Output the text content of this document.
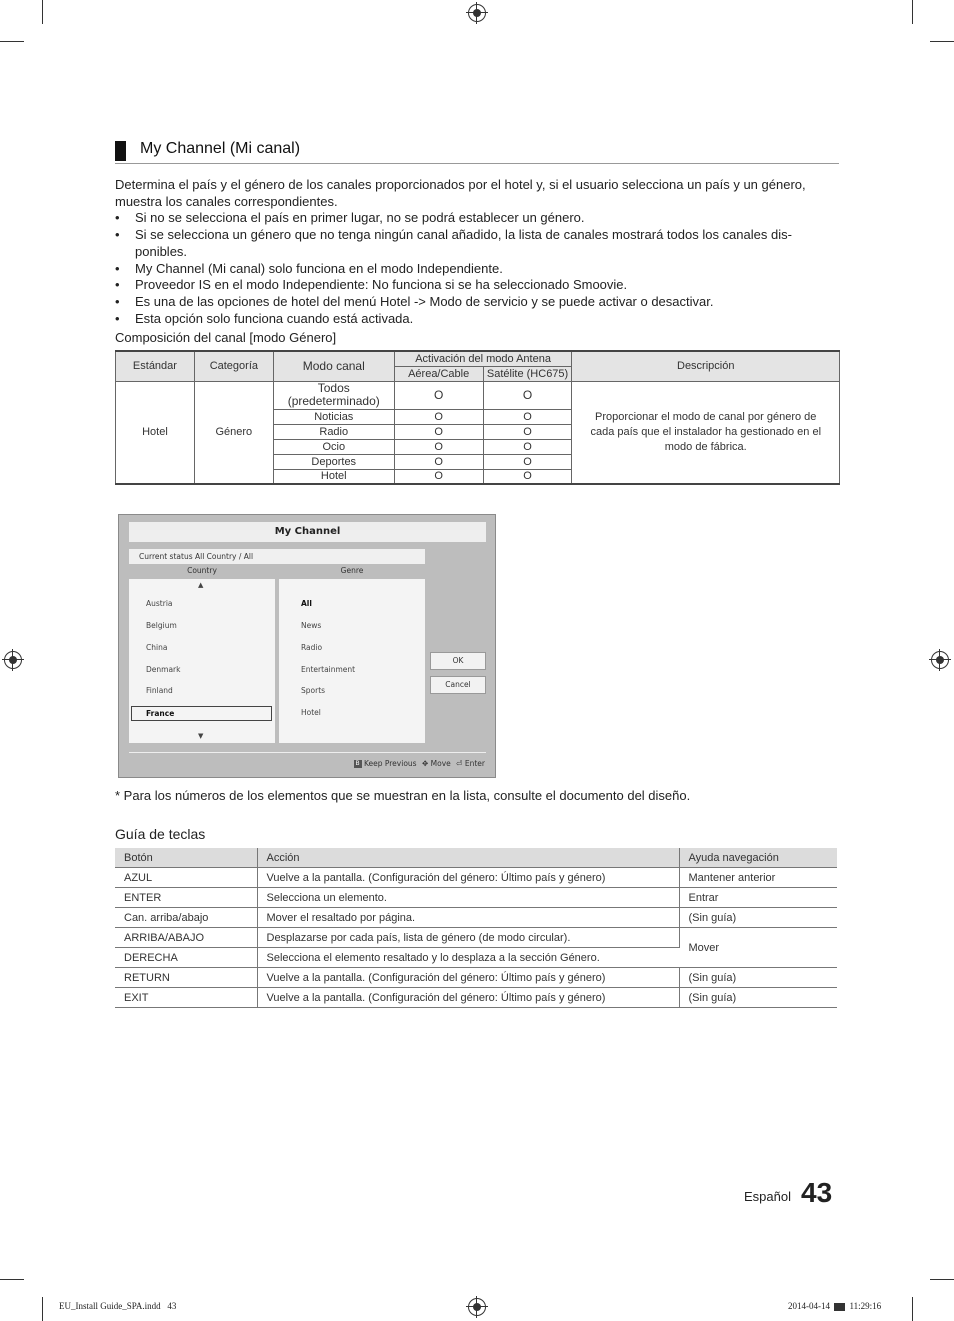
My Channel (Mi canal)
Determina el país y el género de los canales proporcionados por el hotel y, si el usuario selecciona un país y un género, muestra los canales correspondientes.
• Si no se selecciona el país en primer lugar, no se podrá establecer un género.
• Si se selecciona un género que no tenga ningún canal añadido, la lista de canales mostrará todos los canales dis-ponibles.
• My Channel (Mi canal) solo funciona en el modo Independiente.
• Proveedor IS en el modo Independiente: No funciona si se ha seleccionado Smoovie.
• Es una de las opciones de hotel del menú Hotel -> Modo de servicio y se puede activar o desactivar.
• Esta opción solo funciona cuando está activada.
Composición del canal [modo Género]
Estándar	Categoría	Modo canal	Activación del modo Antena		Descripción
			Aérea/Cable	Satélite (HC675)	
Hotel	Género	Todos (predeterminado)	O	O	Proporcionar el modo de canal por género de cada país que el instalador ha gestionado en el modo de fábrica.
		Noticias	O	O	
		Radio	O	O	
		Ocio	O	O	
		Deportes	O	O	
		Hotel	O	O	
My Channel
Current status All Country / All
Country	Genre
▲
Austria
Belgium
China
Denmark
Finland
France
▼
All
News
Radio
Entertainment
Sports
Hotel
OK
Cancel
B Keep Previous ✥ Move ⏎ Enter
* Para los números de los elementos que se muestran en la lista, consulte el documento del diseño.
Guía de teclas
Botón	Acción	Ayuda navegación
AZUL	Vuelve a la pantalla. (Configuración del género: Último país y género)	Mantener anterior
ENTER	Selecciona un elemento.	Entrar
Can. arriba/abajo	Mover el resaltado por página.	(Sin guía)
ARRIBA/ABAJO	Desplazarse por cada país, lista de género (de modo circular).	Mover
DERECHA	Selecciona el elemento resaltado y lo desplaza a la sección Género.	
RETURN	Vuelve a la pantalla. (Configuración del género: Último país y género)	(Sin guía)
EXIT	Vuelve a la pantalla. (Configuración del género: Último país y género)	(Sin guía)
Español 43
EU_Install Guide_SPA.indd   43	2014-04-14 11:29:16
